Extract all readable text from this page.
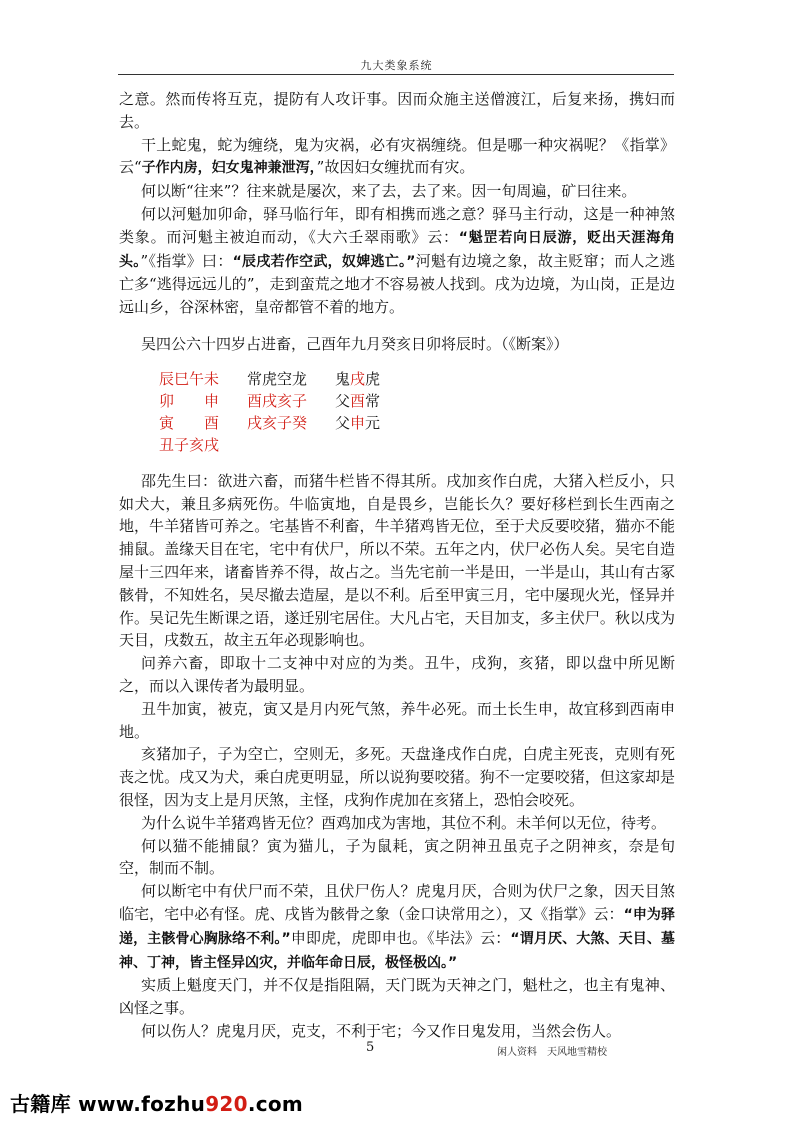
九大类象系统

之意。然而传将互克，提防有人攻讦事。因而众施主送僧渡江，后复来扬，携妇而去。

干上蛇鬼，蛇为缠绕，鬼为灾祸，必有灾祸缠绕。但是哪一种灾祸呢？《指掌》云“子作内房，妇女鬼神兼泄泻，”故因妇女缠扰而有灾。

何以断“往来”？往来就是屡次，来了去，去了来。因一旬周遍，矿曰往来。

何以河魁加卯命，驿马临行年，即有相携而逃之意？驿马主行动，这是一种神煞类象。而河魁主被迫而动，《大六壬翠雨歌》云：“魁罡若向日辰游，贬出天涯海角头。”《指掌》曰：“辰戌若作空武，奴婢逃亡。”河魁有边境之象，故主贬窜；而人之逃亡多“逃得远远儿的”，走到蛮荒之地才不容易被人找到。戌为边境，为山岗，正是边远山乡，谷深林密，皇帝都管不着的地方。

吴四公六十四岁占进畜，己酉年九月癸亥日卯将辰时。（《断案》）

辰巳午未	常虎空龙	鬼戌虎
卯　　申	酉戌亥子	父酉常
寅　　酉	戌亥子癸	父申元
丑子亥戌

邵先生曰：欲进六畜，而猪牛栏皆不得其所。戌加亥作白虎，大猪入栏反小，只如犬大，兼且多病死伤。牛临寅地，自是畏乡，岂能长久？要好移栏到长生西南之地，牛羊猪皆可养之。宅基皆不利畜，牛羊猪鸡皆无位，至于犬反要咬猪，猫亦不能捕鼠。盖缘天目在宅，宅中有伏尸，所以不荣。五年之内，伏尸必伤人矣。吴宅自造屋十三四年来，诸畜皆养不得，故占之。当先宅前一半是田，一半是山，其山有古冢骸骨，不知姓名，吴尽撤去造屋，是以不利。后至甲寅三月，宅中屡现火光，怪异并作。吴记先生断课之语，遂迁别宅居住。大凡占宅，天目加支，多主伏尸。秋以戌为天目，戌数五，故主五年必现影响也。

问养六畜，即取十二支神中对应的为类。丑牛，戌狗，亥猪，即以盘中所见断之，而以入课传者为最明显。

丑牛加寅，被克，寅又是月内死气煞，养牛必死。而土长生申，故宜移到西南申地。

亥猪加子，子为空亡，空则无，多死。天盘逢戌作白虎，白虎主死丧，克则有死丧之忧。戌又为犬，乘白虎更明显，所以说狗要咬猪。狗不一定要咬猪，但这家却是很怪，因为支上是月厌煞，主怪，戌狗作虎加在亥猪上，恐怕会咬死。

为什么说牛羊猪鸡皆无位？酉鸡加戌为害地，其位不利。未羊何以无位，待考。

何以猫不能捕鼠？寅为猫儿，子为鼠耗，寅之阴神丑虽克子之阴神亥，奈是旬空，制而不制。

何以断宅中有伏尸而不荣，且伏尸伤人？虎鬼月厌，合则为伏尸之象，因天目煞临宅，宅中必有怪。虎、戌皆为骸骨之象（金口诀常用之），又《指掌》云：“申为驿递，主骸骨心胸脉络不利。”申即虎，虎即申也。《毕法》云：“谓月厌、大煞、天目、墓神、丁神，皆主怪异凶灾，并临年命日辰，极怪极凶。”

实质上魁度天门，并不仅是指阻隔，天门既为天神之门，魁杜之，也主有鬼神、凶怪之事。

何以伤人？虎鬼月厌，克支，不利于宅；今又作日鬼发用，当然会伤人。

5	闲人资料　天风地雪精校
古籍库 www.fozhu920.com
